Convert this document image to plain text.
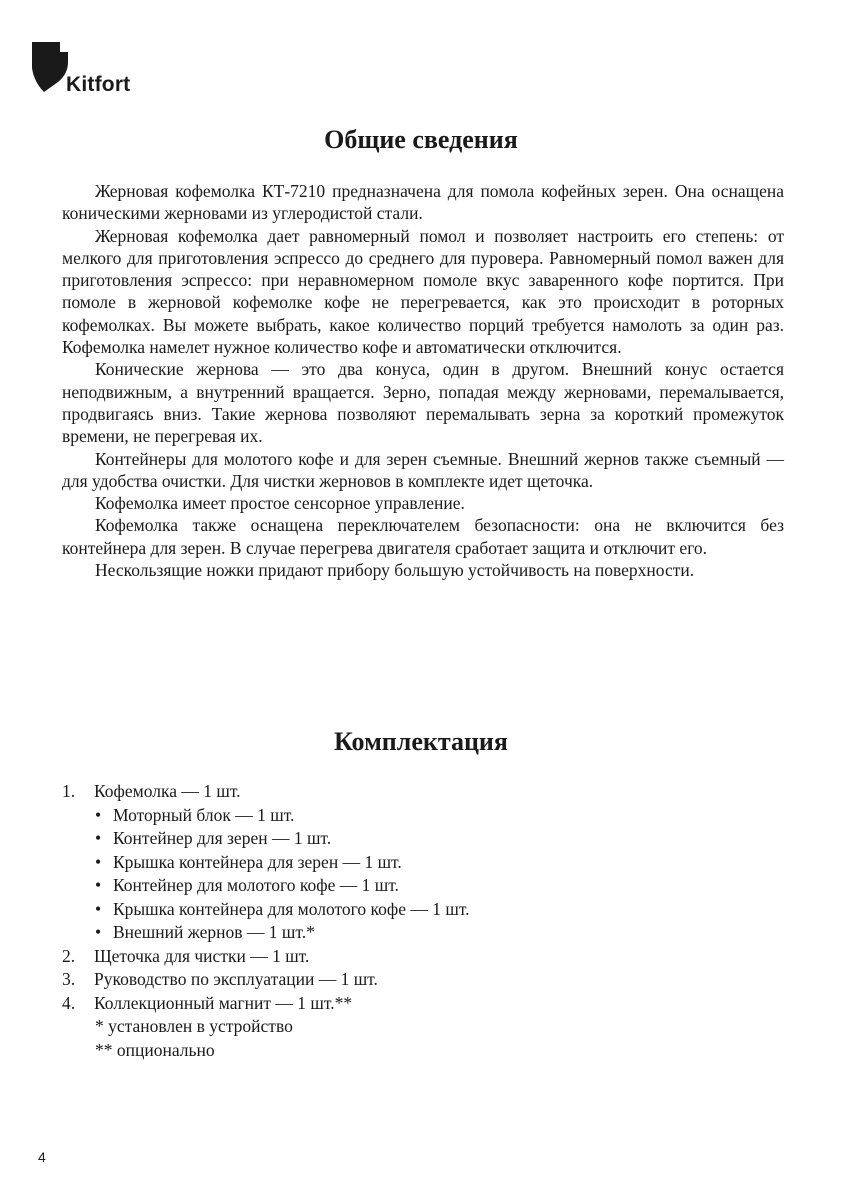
Kitfort
Общие сведения

Жерновая кофемолка КТ-7210 предназначена для помола кофейных зерен. Она оснащена коническими жерновами из углеродистой стали.

Жерновая кофемолка дает равномерный помол и позволяет настроить его степень: от мелкого для приготовления эспрессо до среднего для пуровера. Равномерный помол важен для приготовления эспрессо: при неравномерном помоле вкус заваренного кофе портится. При помоле в жерновой кофемолке кофе не перегревается, как это происходит в роторных кофемолках. Вы можете выбрать, какое количество порций требуется намолоть за один раз. Кофемолка намелет нужное количество кофе и автоматически отключится.

Конические жернова — это два конуса, один в другом. Внешний конус остается неподвижным, а внутренний вращается. Зерно, попадая между жерновами, перемалывается, продвигаясь вниз. Такие жернова позволяют перемалывать зерна за короткий промежуток времени, не перегревая их.

Контейнеры для молотого кофе и для зерен съемные. Внешний жернов также съемный — для удобства очистки. Для чистки жерновов в комплекте идет щеточка.

Кофемолка имеет простое сенсорное управление.

Кофемолка также оснащена переключателем безопасности: она не включится без контейнера для зерен. В случае перегрева двигателя сработает защита и отключит его.

Нескользящие ножки придают прибору большую устойчивость на поверхности.

Комплектация
1.	Кофемолка — 1 шт.
• Моторный блок — 1 шт.
• Контейнер для зерен — 1 шт.
• Крышка контейнера для зерен — 1 шт.
• Контейнер для молотого кофе — 1 шт.
• Крышка контейнера для молотого кофе — 1 шт.
• Внешний жернов — 1 шт.*
2.	Щеточка для чистки — 1 шт.
3.	Руководство по эксплуатации — 1 шт.
4.	Коллекционный магнит — 1 шт.**
* установлен в устройство
** опционально
4
